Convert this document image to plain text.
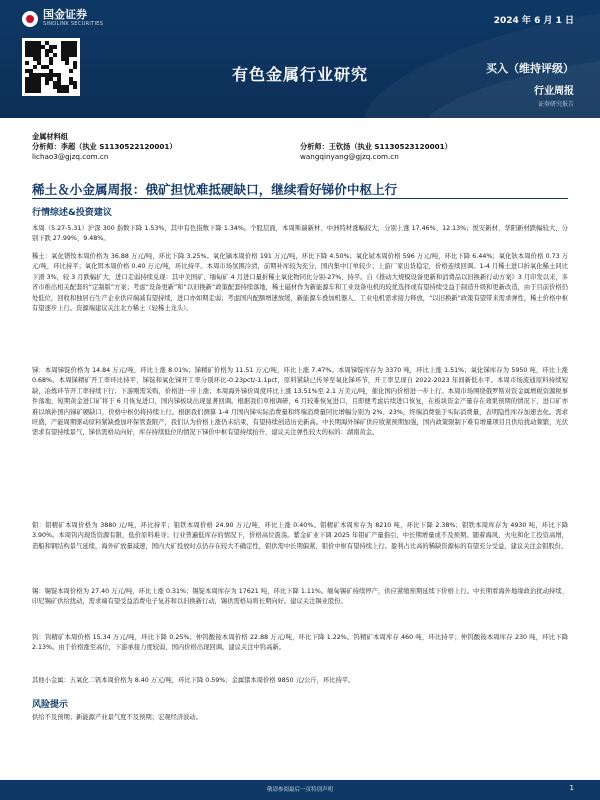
国金证券
SINOLINK SECURITIES	2024 年 6 月 1 日
有色金属行业研究	买入（维持评级）
行业周报
证券研究报告
金属材料组
分析师：李超（执业 S1130522120001）
lichao3@gjzq.com.cn
分析师：王钦扬（执业 S1130523120001）
wangqinyang@gjzq.com.cn
稀土＆小金属周报：俄矿担忧难抵硬缺口，继续看好锑价中枢上行
行情综述&投资建议
本周（5.27-5.31）沪深 300 指数下降 1.53%，其中有色指数下降 1.34%。个股层面，本周斯瑞新材、中洲特材涨幅较大，分别上涨 17.46%、12.13%；悦安新材、华阳新材跌幅较大，分别下跌 27.99%、9.48%。
稀土：氧化镨钕本周价格为 36.88 万元/吨，环比下降 3.25%。氧化镝本周价格 191 万元/吨，环比下降 4.50%；氧化铽本周价格 596 万元/吨，环比下降 6.44%；氧化钬本周价格 0.73 万元/吨，环比持平；氧化铒本周价格 0.40 万元/吨，环比持平。本周市场氛围冷清，前期补库较为充分，国内集中订单较少；上游厂家出货稳定，价格连续回调。1-4 月稀土进口折氧化稀土同比下滑 3%，较 3 月跌幅扩大，进口走弱持续兑现：其中美国矿、缅甸矿 4 月进口量折稀土氧化物同比分别-27%、持平。自《推动大规模设备更新和消费品以旧换新行动方案》3 月印发以来，多省市推出相关配套的“定制版”方案；考虑“设备更新”和“以旧换新”政策配套持续落地，稀土磁材作为新能源车和工业设备电机的较优选择或有望持续受益于制造升级和更新改造，由于目前价格仍处低位，回收和独居石生产企业供应端减有望持续，进口亦如期走弱；考虑国内配额增速放缓，新能源车叠加机器人、工业电机需求接力释放，“以旧换新”政策有望带来需求弹性，稀土价格中枢有望逐步上行。资源端建议关注北方稀土（轻稀土龙头）。
锑：本周锑锭价格为 14.84 万元/吨，环比上涨 8.01%；锑精矿价格为 11.51 万元/吨，环比上涨 7.47%。本周锑锭库存为 3370 吨，环比上涨 1.51%；氧化锑库存为 5950 吨，环比上涨 0.68%。本周锑精矿开工率环比持平，锑锭和氧化锑开工率分别环比-0.23pct/-1.1pct，原料紧缺已传导至氧化锑环节，开工率呈现自 2022-2023 年间新低水平。本周市场流通原料持续短缺，冶炼环节开工率持续下行；下游刚需采购，价格进一步上涨；本周海外锑价周度环比上涨 13.51%至 2.1 万美元/吨，催化国内价格进一步上行。本周市场围绕俄罗斯对资金属增税资源税事件落地，短期黄金进口矿将于 6 月恢复进口，国内锑板块出现显著回调。根据我们草根调研，6 月较难恢复进口，且即便考虑后续进口恢复，在板块资金产量存在效果预期的情况下，进口矿亦难以填补国内锑矿硬缺口，价格中枢仍将持续上行。根据我们测算 1-4 月国内锑实际消费量和终端消费量同比增幅分别为 2%、23%，终端消费强于实际消费量，表明隐性库存加速去化。需求旺盛，产能周期驱动原料紧缺叠加环保管查限产，我们认为价格上涨仍未结束，有望持续创造历史新高。中长期海外锑矿供应收紧预期加强，国内政策限制下难有增量项目且供给扰动频繁，光伏需求有望持续景气，锑供需格局向好，库存持续低位的情况下锑价中枢有望持续抬升，建议关注弹性较大的标的：湖南黄金。
钼：钼精矿本周价格为 3880 元/吨，环比持平；钼铁本周价格 24.90 万元/吨，环比上涨 0.40%。钼精矿本周库存为 8210 吨，环比下降 2.38%；钼铁本周库存为 4930 吨，环比下降 3.90%。本周钨内现货资源有限，低价原料难寻；行业普遍低库存的情况下，价格高位震荡。紫金矿业下调 2025 年钼矿产量指引，中长期增量或不及预期。随着海风、火电和化工投资高增，造船和钢结构景气延续，海外矿放量减速，国内大矿投放时点仍存在较大不确定性，钼供需中长期偏紧，钼价中枢有望持续上行。盈利占比高的稀缺资源标的有望充分受益，建议关注金钼股份。
锡：锡锭本周价格为 27.40 万元/吨，环比上涨 0.31%；锡锭本周库存为 17621 吨，环比下降 1.11%。缅甸锡矿持续停产，供应紧缩预期延续下价格上行。中长期看海外地缘政治扰动持续、印尼锡矿供给扰动，需求端有望受益消费电子复苏和以旧换新行动，锡供需格局将长期向好。建议关注锡业股份。
钨：钨精矿本周价格 15.34 万元/吨，环比下降 0.25%；仲钨酸铵本周价格 22.88 万元/吨，环比下降 1.22%。钨精矿本周库存 460 吨，环比持平；仲钨酸铵本周库存 230 吨，环比下降 2.13%。由于价格涨至高位，下游承接力度较弱，国内价格出现回调。建议关注中钨高新。
其他小金属：五氧化二钒本周价格为 8.40 万元/吨，环比下降 0.59%；金属锗本周价格 9850 元/公斤，环比持平。
风险提示
供给不及预期；新能源产业景气度不及预期；宏观经济波动。
敬请参阅最后一页特别声明	1
